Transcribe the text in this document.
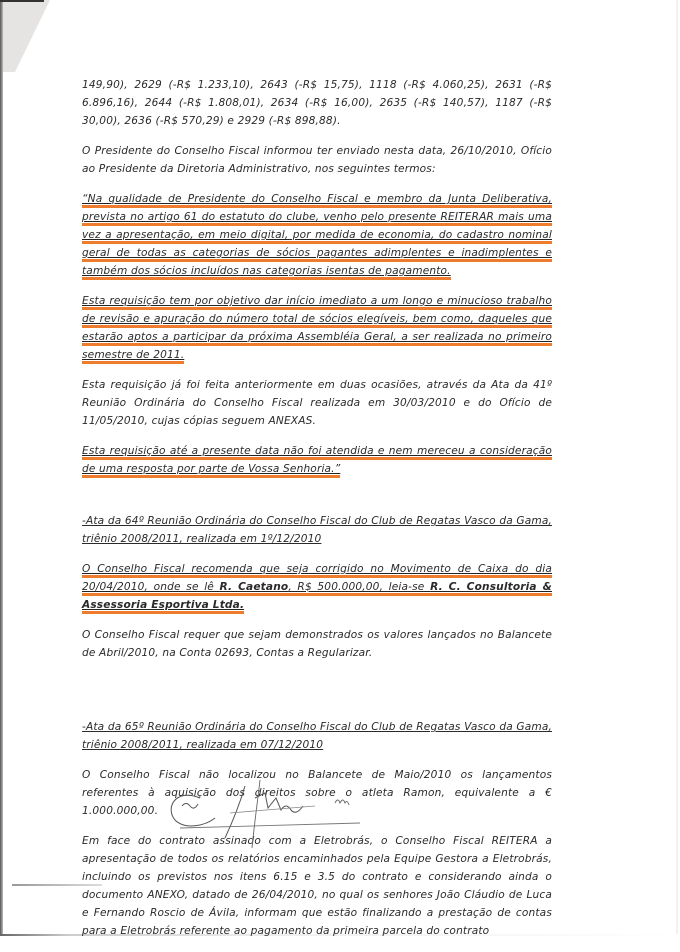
149,90), 2629 (-R$ 1.233,10), 2643 (-R$ 15,75), 1118 (-R$ 4.060,25), 2631 (-R$ 6.896,16), 2644 (-R$ 1.808,01), 2634 (-R$ 16,00), 2635 (-R$ 140,57), 1187 (-R$ 30,00), 2636 (-R$ 570,29) e 2929 (-R$ 898,88).

O Presidente do Conselho Fiscal informou ter enviado nesta data, 26/10/2010, Ofício ao Presidente da Diretoria Administrativo, nos seguintes termos:

“Na qualidade de Presidente do Conselho Fiscal e membro da Junta Deliberativa, prevista no artigo 61 do estatuto do clube, venho pelo presente REITERAR mais uma vez a apresentação, em meio digital, por medida de economia, do cadastro nominal geral de todas as categorias de sócios pagantes adimplentes e inadimplentes e também dos sócios incluídos nas categorias isentas de pagamento.

Esta requisição tem por objetivo dar início imediato a um longo e minucioso trabalho de revisão e apuração do número total de sócios elegíveis, bem como, daqueles que estarão aptos a participar da próxima Assembléia Geral, a ser realizada no primeiro semestre de 2011.

Esta requisição já foi feita anteriormente em duas ocasiões, através da Ata da 41º Reunião Ordinária do Conselho Fiscal realizada em 30/03/2010 e do Ofício de 11/05/2010, cujas cópias seguem ANEXAS.

Esta requisição até a presente data não foi atendida e nem mereceu a consideração de uma resposta por parte de Vossa Senhoria.”

-Ata da 64º Reunião Ordinária do Conselho Fiscal do Club de Regatas Vasco da Gama, triênio 2008/2011, realizada em 1º/12/2010

O Conselho Fiscal recomenda que seja corrigido no Movimento de Caixa do dia 20/04/2010, onde se lê R. Caetano, R$ 500.000,00, leia-se R. C. Consultoria & Assessoria Esportiva Ltda.

O Conselho Fiscal requer que sejam demonstrados os valores lançados no Balancete de Abril/2010, na Conta 02693, Contas a Regularizar.

-Ata da 65º Reunião Ordinária do Conselho Fiscal do Club de Regatas Vasco da Gama, triênio 2008/2011, realizada em 07/12/2010

O Conselho Fiscal não localizou no Balancete de Maio/2010 os lançamentos referentes à aquisição dos direitos sobre o atleta Ramon, equivalente a € 1.000.000,00.

Em face do contrato assinado com a Eletrobrás, o Conselho Fiscal REITERA a apresentação de todos os relatórios encaminhados pela Equipe Gestora a Eletrobrás, incluindo os previstos nos itens 6.15 e 3.5 do contrato e considerando ainda o documento ANEXO, datado de 26/04/2010, no qual os senhores João Cláudio de Luca e Fernando Roscio de Ávila, informam que estão finalizando a prestação de contas para a Eletrobrás referente ao pagamento da primeira parcela do contrato
